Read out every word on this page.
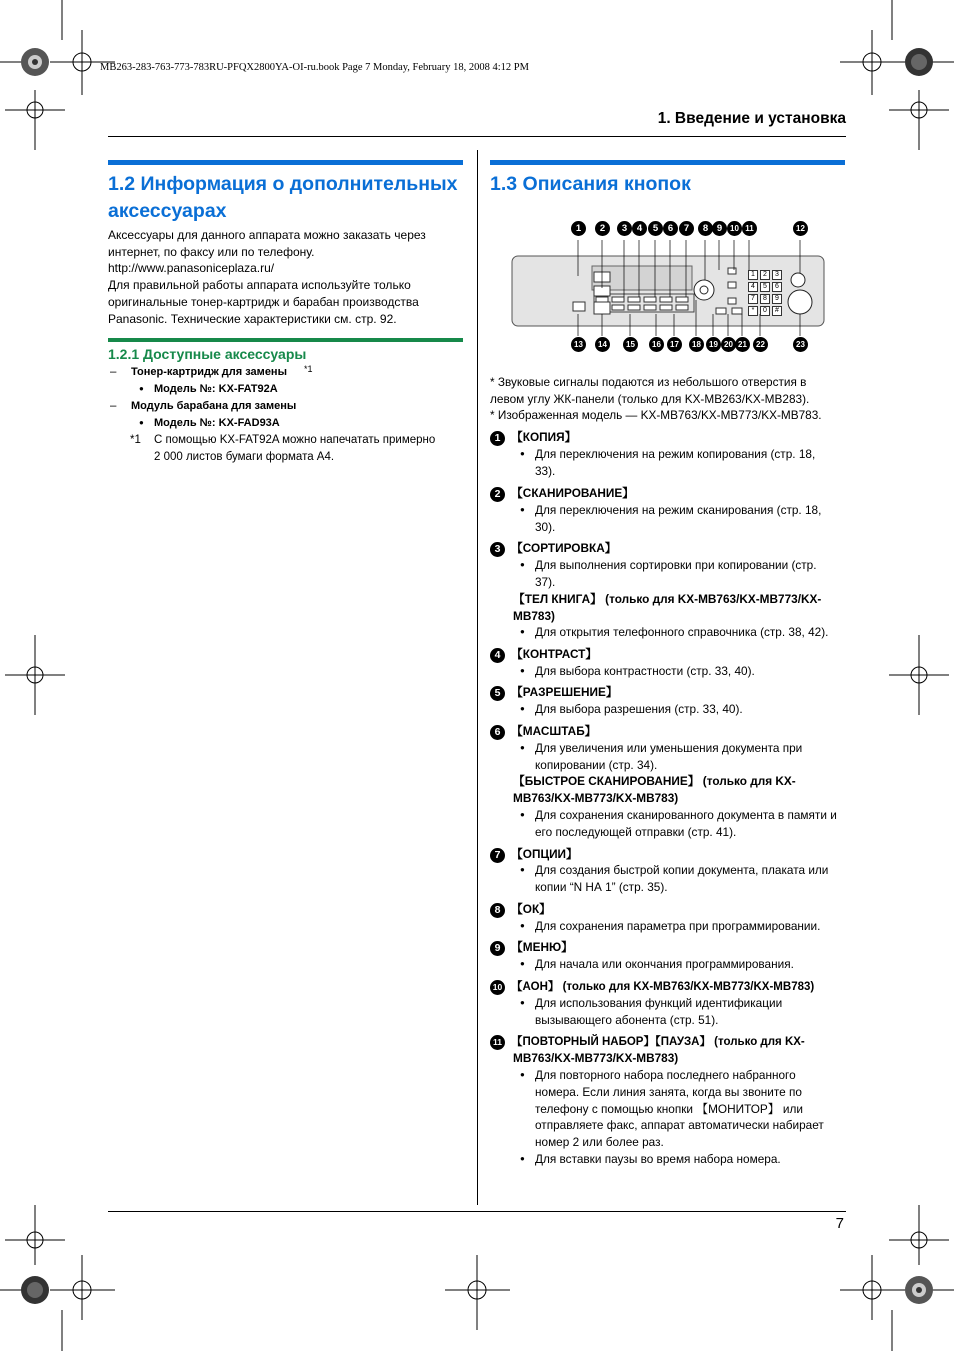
MB263-283-763-773-783RU-PFQX2800YA-OI-ru.book Page 7 Monday, February 18, 2008 4:12 PM
1. Введение и установка
1.2 Информация о дополнительных аксессуарах
Аксессуары для данного аппарата можно заказать через
интернет, по факсу или по телефону.
http://www.panasoniceplaza.ru/
Для правильной работы аппарата используйте только
оригинальные тонер-картридж и барабан производства
Panasonic. Технические характеристики см. стр. 92.
1.2.1 Доступные аксессуары
– Тонер-картридж для замены *1
● Модель №: KX-FAT92A
– Модуль барабана для замены
● Модель №: KX-FAD93A
*1 С помощью KX-FAT92A можно напечатать примерно
2 000 листов бумаги формата A4.
1.3 Описания кнопок
1	2	3
4	5	6
7	8	9
*	0	#
1	2	3	4	5	6	7	8 9 10 11	12
13	14	15	16	17	18	19 20 21	22	23
* Звуковые сигналы подаются из небольшого отверстия в
левом углу ЖК-панели (только для KX-MB263/KX-MB283).
* Изображенная модель — KX-MB763/KX-MB773/KX-MB783.
1 【КОПИЯ】
● Для переключения на режим копирования (стр. 18,
33).
2 【СКАНИРОВАНИЕ】
● Для переключения на режим сканирования (стр. 18,
30).
3 【СОРТИРОВКА】
● Для выполнения сортировки при копировании (стр.
37).
【ТЕЛ КНИГА】 (только для KX-MB763/KX-MB773/KX-
MB783)
● Для открытия телефонного справочника (стр. 38, 42).
4 【КОНТРАСТ】
● Для выбора контрастности (стр. 33, 40).
5 【РАЗРЕШЕНИЕ】
● Для выбора разрешения (стр. 33, 40).
6 【МАСШТАБ】
● Для увеличения или уменьшения документа при
копировании (стр. 34).
【БЫСТРОЕ СКАНИРОВАНИЕ】 (только для KX-
MB763/KX-MB773/KX-MB783)
● Для сохранения сканированного документа в памяти и
его последующей отправки (стр. 41).
7 【ОПЦИИ】
● Для создания быстрой копии документа, плаката или
копии “N НА 1” (стр. 35).
8 【ОК】
● Для сохранения параметра при программировании.
9 【МЕНЮ】
● Для начала или окончания программирования.
10 【АОН】 (только для KX-MB763/KX-MB773/KX-MB783)
● Для использования функций идентификации
вызывающего абонента (стр. 51).
11 【ПОВТОРНЫЙ НАБОР】【ПАУЗА】 (только для KX-
MB763/KX-MB773/KX-MB783)
● Для повторного набора последнего набранного
номера. Если линия занята, когда вы звоните по
телефону с помощью кнопки 【МОНИТОР】 или
отправляете факс, аппарат автоматически набирает
номер 2 или более раз.
● Для вставки паузы во время набора номера.
7
